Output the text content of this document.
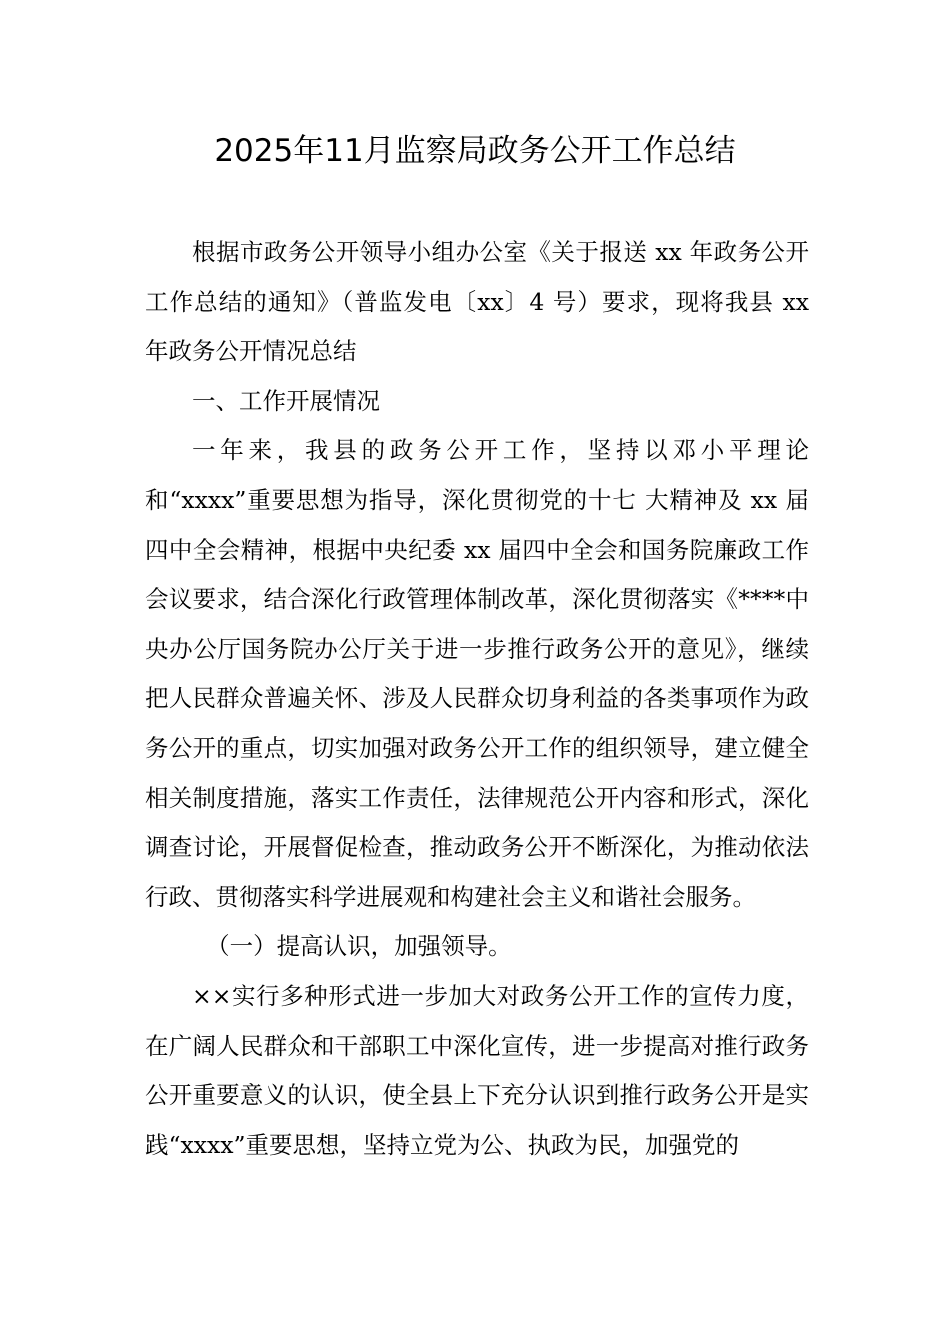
2025年11月监察局政务公开工作总结

根据市政务公开领导小组办公室《关于报送 xx 年政务公开工作总结的通知》（普监发电〔xx〕4 号）要求，现将我县 xx 年政务公开情况总结

一、工作开展情况

一年来，我县的政务公开工作，坚持以邓小平理论和“xxxx”重要思想为指导，深化贯彻党的十七 大精神及 xx 届四中全会精神，根据中央纪委 xx 届四中全会和国务院廉政工作会议要求，结合深化行政管理体制改革，深化贯彻落实《****中央办公厅国务院办公厅关于进一步推行政务公开的意见》，继续把人民群众普遍关怀、涉及人民群众切身利益的各类事项作为政务公开的重点，切实加强对政务公开工作的组织领导，建立健全相关制度措施，落实工作责任，法律规范公开内容和形式，深化调查讨论，开展督促检查，推动政务公开不断深化，为推动依法行政、贯彻落实科学进展观和构建社会主义和谐社会服务。

（一）提高认识，加强领导。

××实行多种形式进一步加大对政务公开工作的宣传力度，在广阔人民群众和干部职工中深化宣传，进一步提高对推行政务公开重要意义的认识，使全县上下充分认识到推行政务公开是实践“xxxx”重要思想，坚持立党为公、执政为民，加强党的
